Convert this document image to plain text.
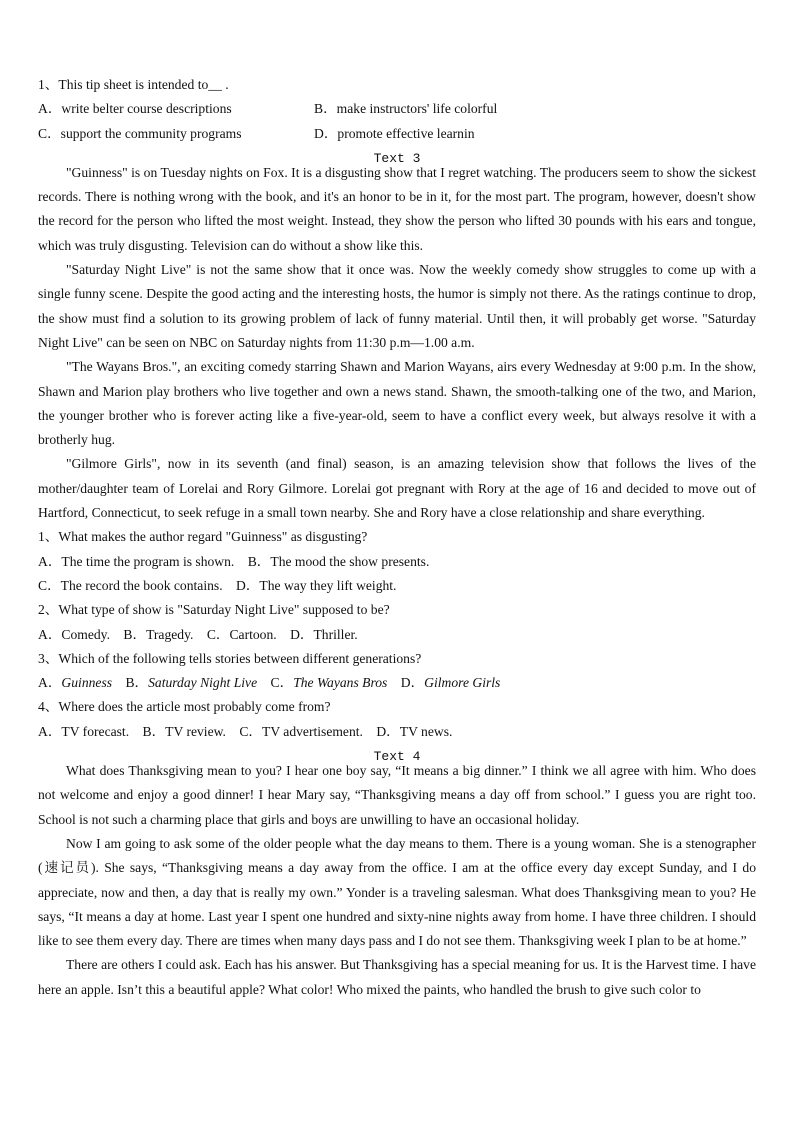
1、This tip sheet is intended to__ .
A．write belter course descriptions	B．make instructors' life colorful
C．support the community programs	D．promote effective learnin
Text 3

"Guinness" is on Tuesday nights on Fox. It is a disgusting show that I regret watching. The producers seem to show the sickest records. There is nothing wrong with the book, and it's an honor to be in it, for the most part. The program, however, doesn't show the record for the person who lifted the most weight. Instead, they show the person who lifted 30 pounds with his ears and tongue, which was truly disgusting. Television can do without a show like this.

"Saturday Night Live" is not the same show that it once was. Now the weekly comedy show struggles to come up with a single funny scene. Despite the good acting and the interesting hosts, the humor is simply not there. As the ratings continue to drop, the show must find a solution to its growing problem of lack of funny material. Until then, it will probably get worse. "Saturday Night Live" can be seen on NBC on Saturday nights from 11:30 p.m—1.00 a.m.

"The Wayans Bros.", an exciting comedy starring Shawn and Marion Wayans, airs every Wednesday at 9:00 p.m. In the show, Shawn and Marion play brothers who live together and own a news stand. Shawn, the smooth-talking one of the two, and Marion, the younger brother who is forever acting like a five-year-old, seem to have a conflict every week, but always resolve it with a brotherly hug.

"Gilmore Girls", now in its seventh (and final) season, is an amazing television show that follows the lives of the mother/daughter team of Lorelai and Rory Gilmore. Lorelai got pregnant with Rory at the age of 16 and decided to move out of Hartford, Connecticut, to seek refuge in a small town nearby. She and Rory have a close relationship and share everything.

1、What makes the author regard "Guinness" as disgusting?
A．The time the program is shown. B．The mood the show presents.
C．The record the book contains. D．The way they lift weight.
2、What type of show is "Saturday Night Live" supposed to be?
A．Comedy. B．Tragedy. C．Cartoon. D．Thriller.
3、Which of the following tells stories between different generations?
A．Guinness B．Saturday Night Live C．The Wayans Bros D．Gilmore Girls
4、Where does the article most probably come from?
A．TV forecast. B．TV review. C．TV advertisement. D．TV news.
Text 4

What does Thanksgiving mean to you? I hear one boy say, “It means a big dinner.” I think we all agree with him. Who does not welcome and enjoy a good dinner! I hear Mary say, “Thanksgiving means a day off from school.” I guess you are right too. School is not such a charming place that girls and boys are unwilling to have an occasional holiday.

Now I am going to ask some of the older people what the day means to them. There is a young woman. She is a stenographer (速记员). She says, “Thanksgiving means a day away from the office. I am at the office every day except Sunday, and I do appreciate, now and then, a day that is really my own.” Yonder is a traveling salesman. What does Thanksgiving mean to you? He says, “It means a day at home. Last year I spent one hundred and sixty-nine nights away from home. I have three children. I should like to see them every day. There are times when many days pass and I do not see them. Thanksgiving week I plan to be at home.”

There are others I could ask. Each has his answer. But Thanksgiving has a special meaning for us. It is the Harvest time. I have here an apple. Isn’t this a beautiful apple? What color! Who mixed the paints, who handled the brush to give such color to
